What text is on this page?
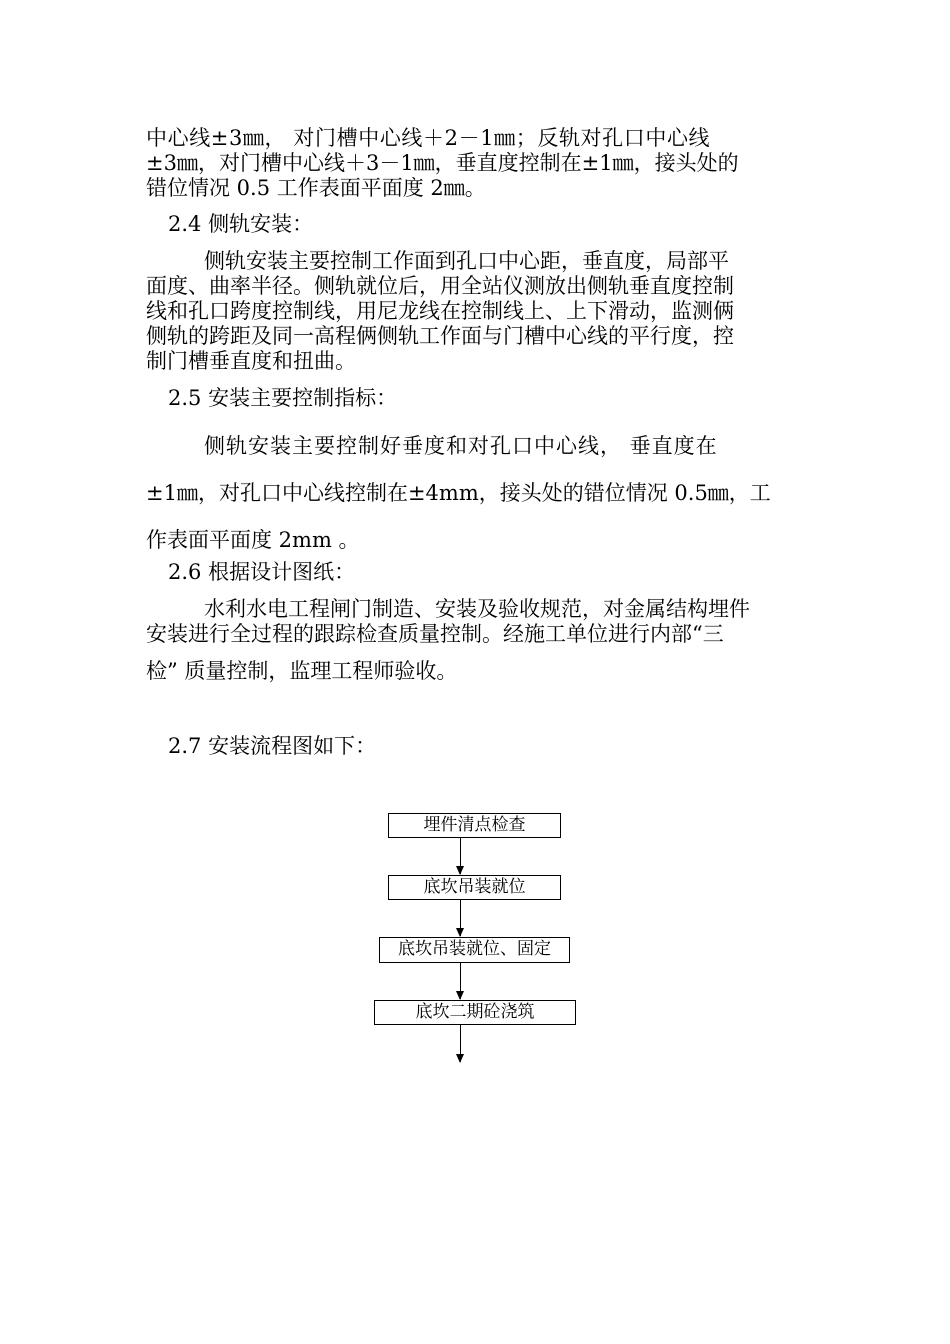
中心线±3㎜， 对门槽中心线＋2－1㎜；反轨对孔口中心线
±3㎜，对门槽中心线＋3－1㎜，垂直度控制在±1㎜，接头处的
错位情况 0.5 工作表面平面度 2㎜。

2.4 侧轨安装：

侧轨安装主要控制工作面到孔口中心距，垂直度，局部平
面度、曲率半径。侧轨就位后，用全站仪测放出侧轨垂直度控制
线和孔口跨度控制线，用尼龙线在控制线上、上下滑动，监测俩
侧轨的跨距及同一高程俩侧轨工作面与门槽中心线的平行度，控
制门槽垂直度和扭曲。

2.5 安装主要控制指标：

侧轨安装主要控制好垂度和对孔口中心线， 垂直度在
±1㎜，对孔口中心线控制在±4mm，接头处的错位情况 0.5㎜，工
作表面平面度 2mm 。

2.6 根据设计图纸：

水利水电工程闸门制造、安装及验收规范，对金属结构埋件
安装进行全过程的跟踪检查质量控制。经施工单位进行内部“三
检” 质量控制，监理工程师验收。

2.7 安装流程图如下：

埋件清点检查
底坎吊装就位
底坎吊装就位、固定
底坎二期砼浇筑
